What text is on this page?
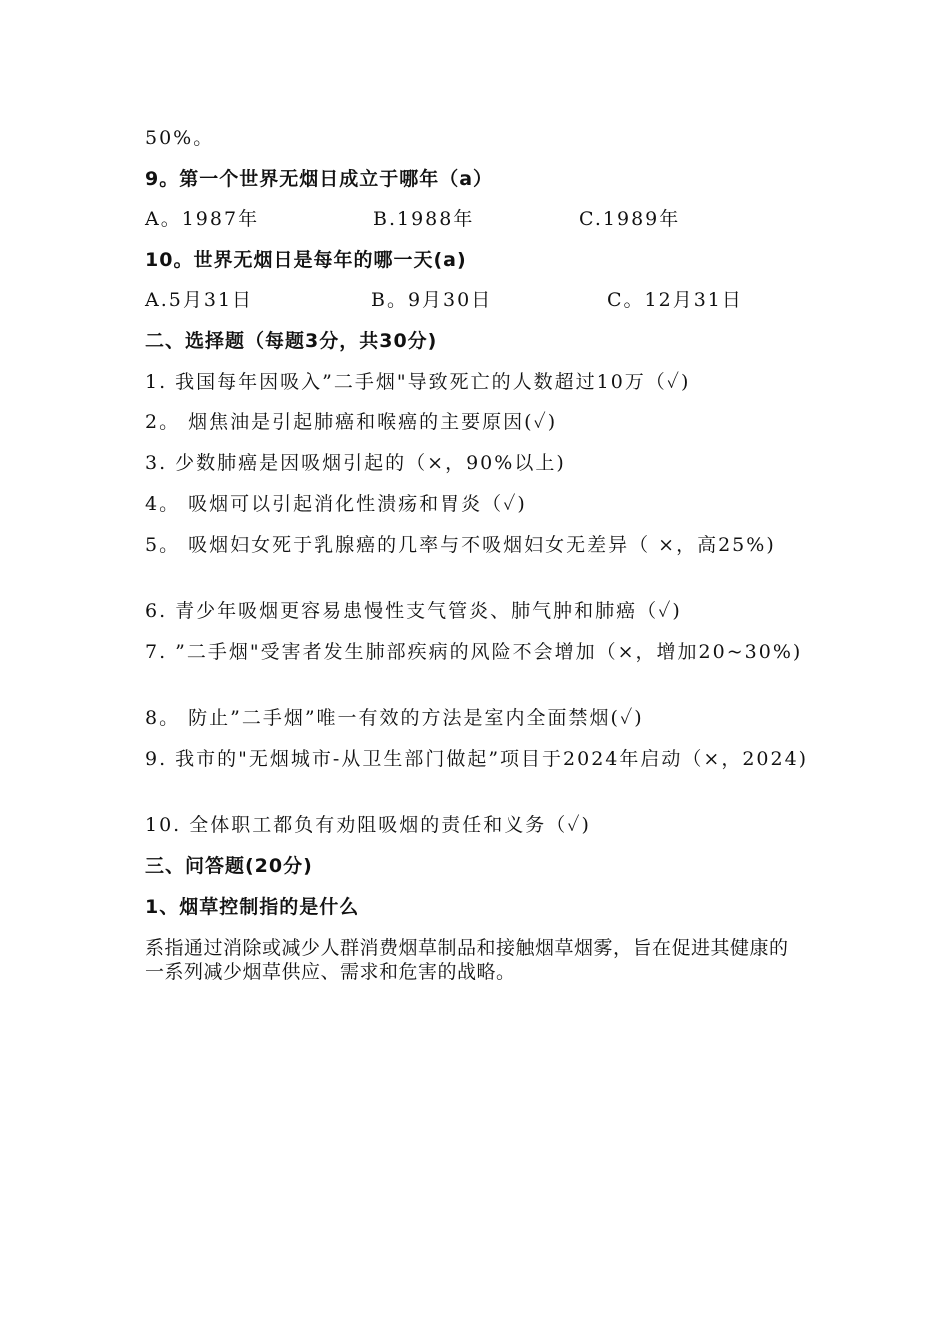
50%。
9。第一个世界无烟日成立于哪年（a）
A。1987年	B.1988年	C.1989年
10。世界无烟日是每年的哪一天(a)
A.5月31日	B。9月30日	C。12月31日
二、选择题（每题3分，共30分)
1. 我国每年因吸入”二手烟"导致死亡的人数超过10万（✓)
2。 烟焦油是引起肺癌和喉癌的主要原因(✓)
3. 少数肺癌是因吸烟引起的（×，90%以上)
4。 吸烟可以引起消化性溃疡和胃炎（✓)
5。 吸烟妇女死于乳腺癌的几率与不吸烟妇女无差异（ ×，高25%)
6. 青少年吸烟更容易患慢性支气管炎、肺气肿和肺癌（✓)
7. ”二手烟"受害者发生肺部疾病的风险不会增加（×，增加20~30%)
8。 防止”二手烟”唯一有效的方法是室内全面禁烟(✓)
9. 我市的"无烟城市-从卫生部门做起”项目于2024年启动（×，2024)
10. 全体职工都负有劝阻吸烟的责任和义务（✓)
三、问答题(20分)
1、烟草控制指的是什么
系指通过消除或减少人群消费烟草制品和接触烟草烟雾，旨在促进其健康的一系列减少烟草供应、需求和危害的战略。
